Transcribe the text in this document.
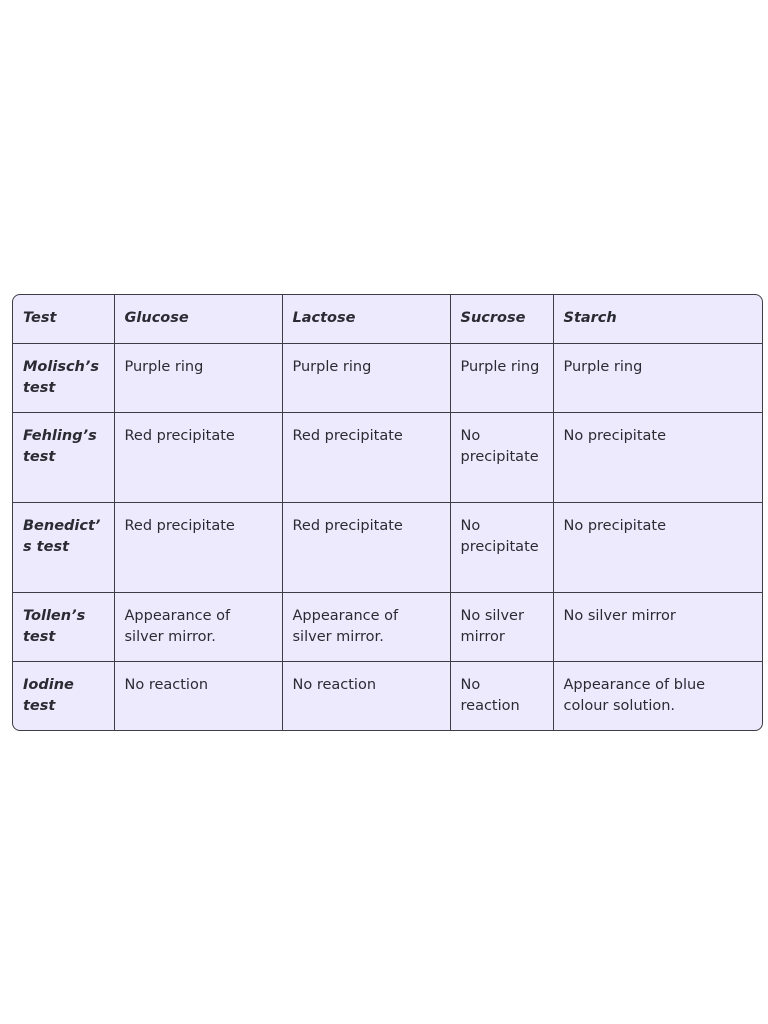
Test	Glucose	Lactose	Sucrose	Starch
Molisch’s test	Purple ring	Purple ring	Purple ring	Purple ring
Fehling’s test	Red precipitate	Red precipitate	No precipitate	No precipitate
Benedict’s test	Red precipitate	Red precipitate	No precipitate	No precipitate
Tollen’s test	Appearance of silver mirror.	Appearance of silver mirror.	No silver mirror	No silver mirror
Iodine test	No reaction	No reaction	No reaction	Appearance of blue colour solution.
